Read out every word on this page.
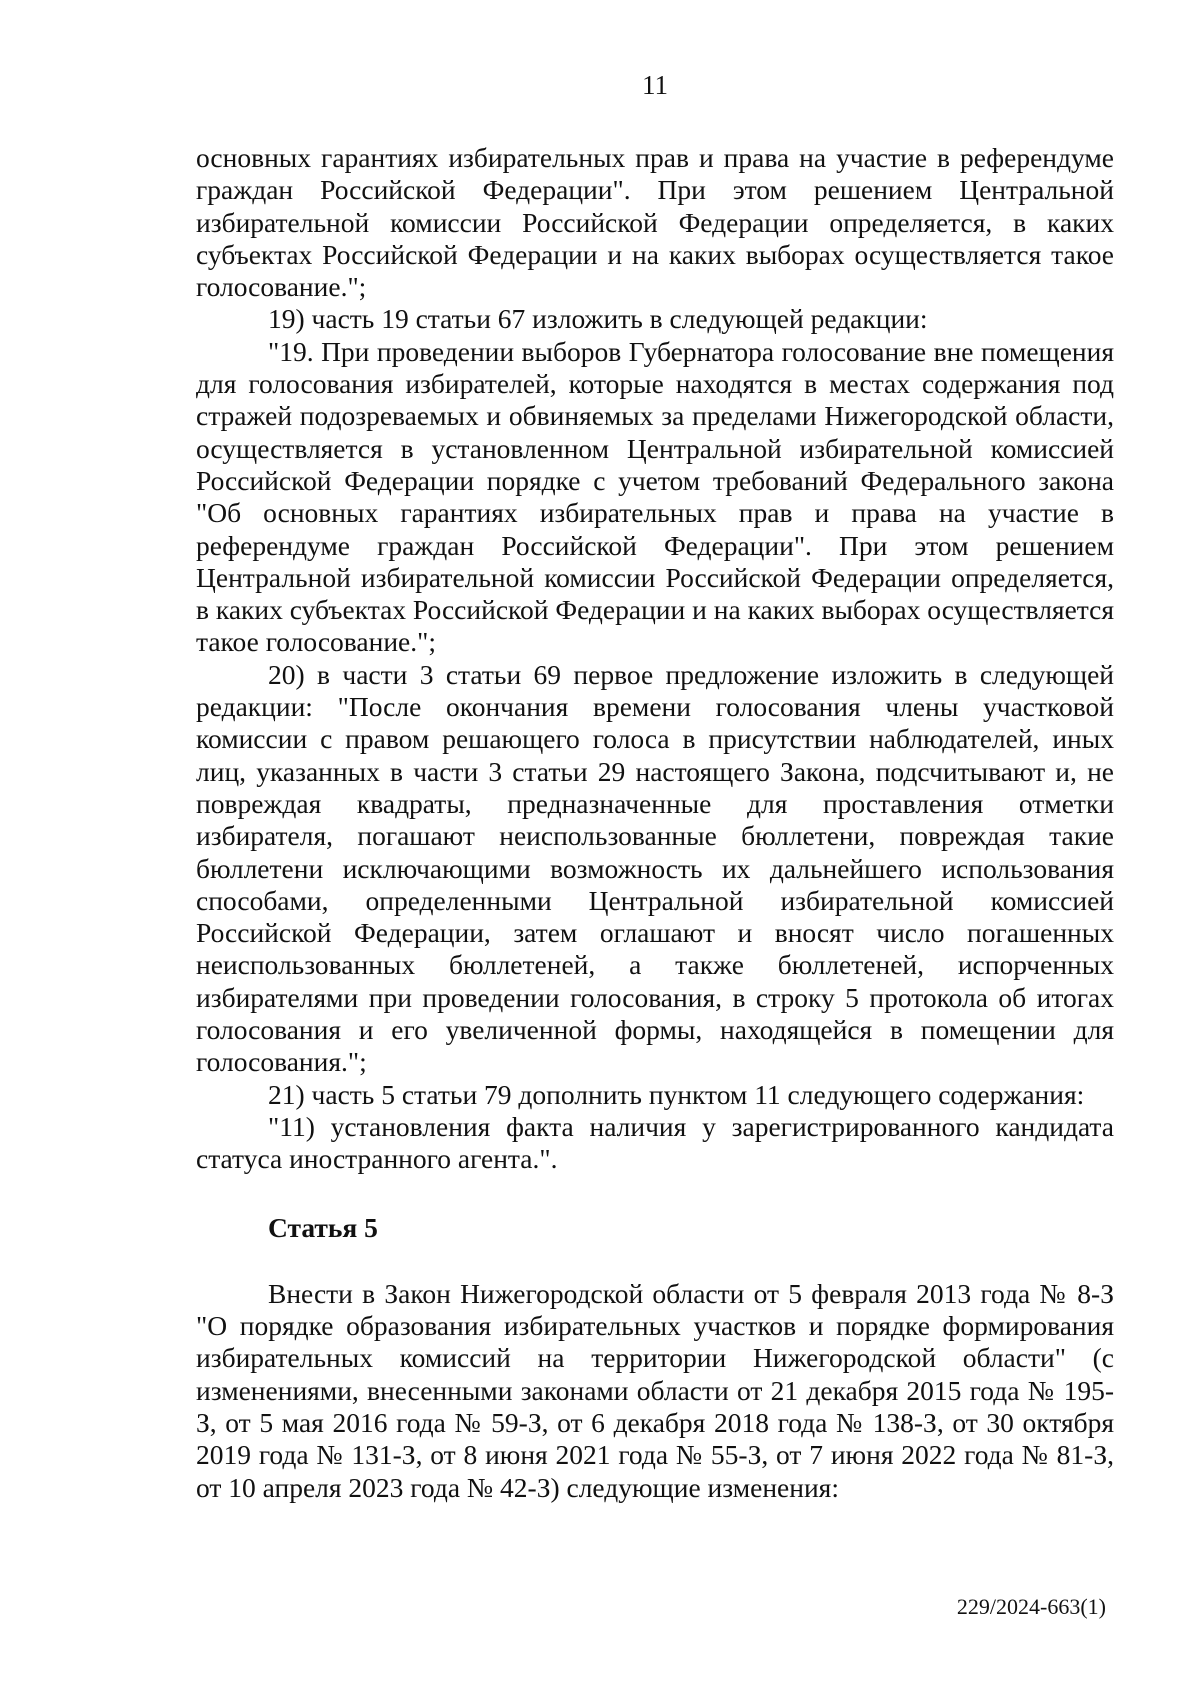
11

основных гарантиях избирательных прав и права на участие в референдуме граждан Российской Федерации". При этом решением Центральной избирательной комиссии Российской Федерации определяется, в каких субъектах Российской Федерации и на каких выборах осуществляется такое голосование.";

19) часть 19 статьи 67 изложить в следующей редакции:

"19. При проведении выборов Губернатора голосование вне помещения для голосования избирателей, которые находятся в местах содержания под стражей подозреваемых и обвиняемых за пределами Нижегородской области, осуществляется в установленном Центральной избирательной комиссией Российской Федерации порядке с учетом требований Федерального закона "Об основных гарантиях избирательных прав и права на участие в референдуме граждан Российской Федерации". При этом решением Центральной избирательной комиссии Российской Федерации определяется, в каких субъектах Российской Федерации и на каких выборах осуществляется такое голосование.";

20) в части 3 статьи 69 первое предложение изложить в следующей редакции: "После окончания времени голосования члены участковой комиссии с правом решающего голоса в присутствии наблюдателей, иных лиц, указанных в части 3 статьи 29 настоящего Закона, подсчитывают и, не повреждая квадраты, предназначенные для проставления отметки избирателя, погашают неиспользованные бюллетени, повреждая такие бюллетени исключающими возможность их дальнейшего использования способами, определенными Центральной избирательной комиссией Российской Федерации, затем оглашают и вносят число погашенных неиспользованных бюллетеней, а также бюллетеней, испорченных избирателями при проведении голосования, в строку 5 протокола об итогах голосования и его увеличенной формы, находящейся в помещении для голосования.";

21) часть 5 статьи 79 дополнить пунктом 11 следующего содержания:

"11) установления факта наличия у зарегистрированного кандидата статуса иностранного агента.".

Статья 5

Внести в Закон Нижегородской области от 5 февраля 2013 года № 8-З "О порядке образования избирательных участков и порядке формирования избирательных комиссий на территории Нижегородской области" (с изменениями, внесенными законами области от 21 декабря 2015 года № 195-З, от 5 мая 2016 года № 59-З, от 6 декабря 2018 года № 138-З, от 30 октября 2019 года № 131-З, от 8 июня 2021 года № 55-З, от 7 июня 2022 года № 81-З, от 10 апреля 2023 года № 42-З) следующие изменения:

229/2024-663(1)
